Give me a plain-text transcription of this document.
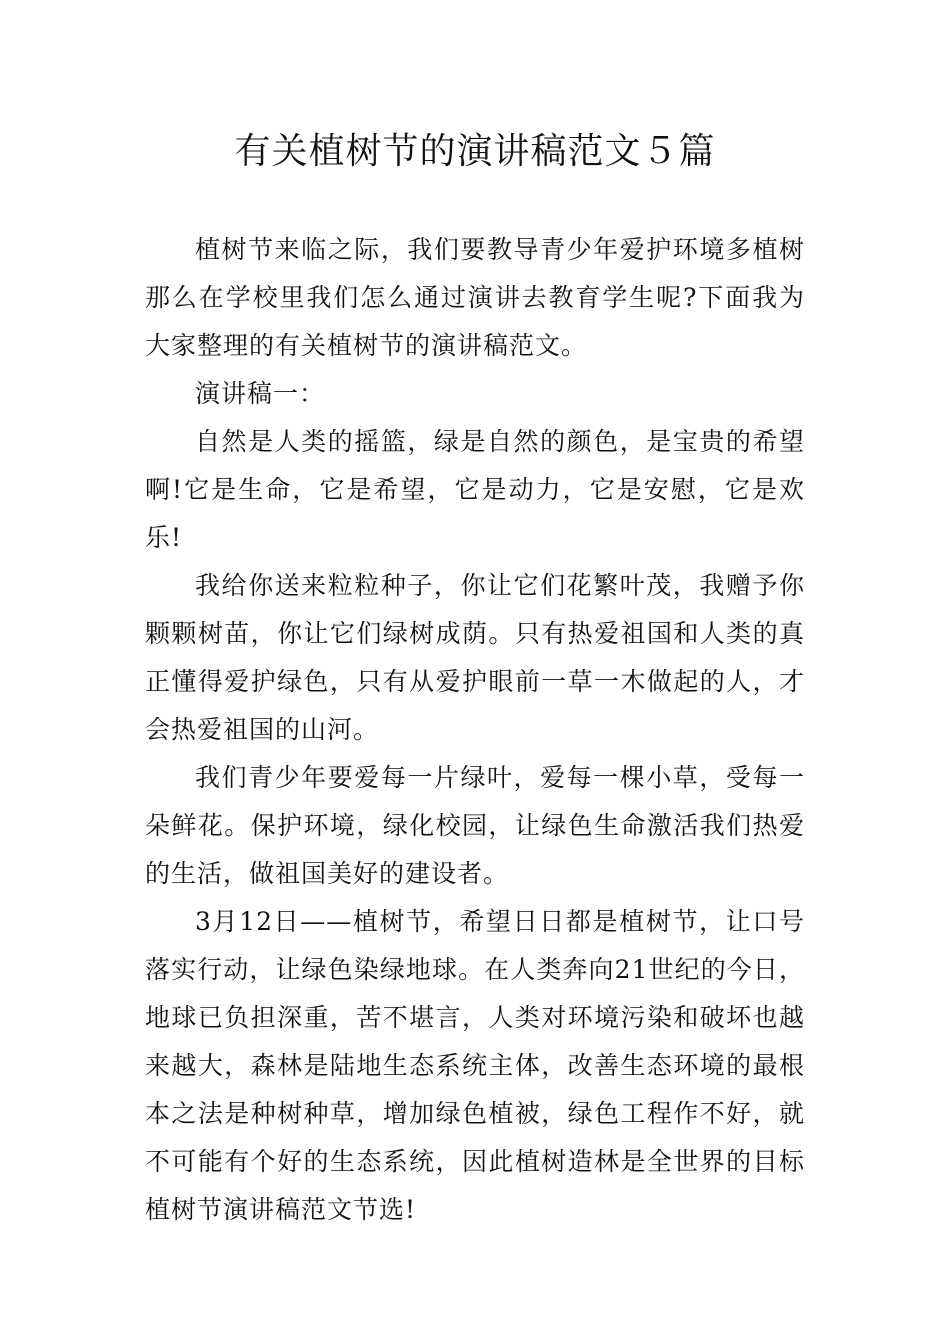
有关植树节的演讲稿范文５篇

植树节来临之际，我们要教导青少年爱护环境多植树那么在学校里我们怎么通过演讲去教育学生呢?下面我为大家整理的有关植树节的演讲稿范文。

演讲稿一：

自然是人类的摇篮，绿是自然的颜色，是宝贵的希望啊!它是生命，它是希望，它是动力，它是安慰，它是欢乐!

我给你送来粒粒种子，你让它们花繁叶茂，我赠予你颗颗树苗，你让它们绿树成荫。只有热爱祖国和人类的真正懂得爱护绿色，只有从爱护眼前一草一木做起的人，才会热爱祖国的山河。

我们青少年要爱每一片绿叶，爱每一棵小草，受每一朵鲜花。保护环境，绿化校园，让绿色生命激活我们热爱的生活，做祖国美好的建设者。

3月12日——植树节，希望日日都是植树节，让口号落实行动，让绿色染绿地球。在人类奔向21世纪的今日，地球已负担深重，苦不堪言，人类对环境污染和破坏也越来越大，森林是陆地生态系统主体，改善生态环境的最根本之法是种树种草，增加绿色植被，绿色工程作不好，就不可能有个好的生态系统，因此植树造林是全世界的目标植树节演讲稿范文节选!
